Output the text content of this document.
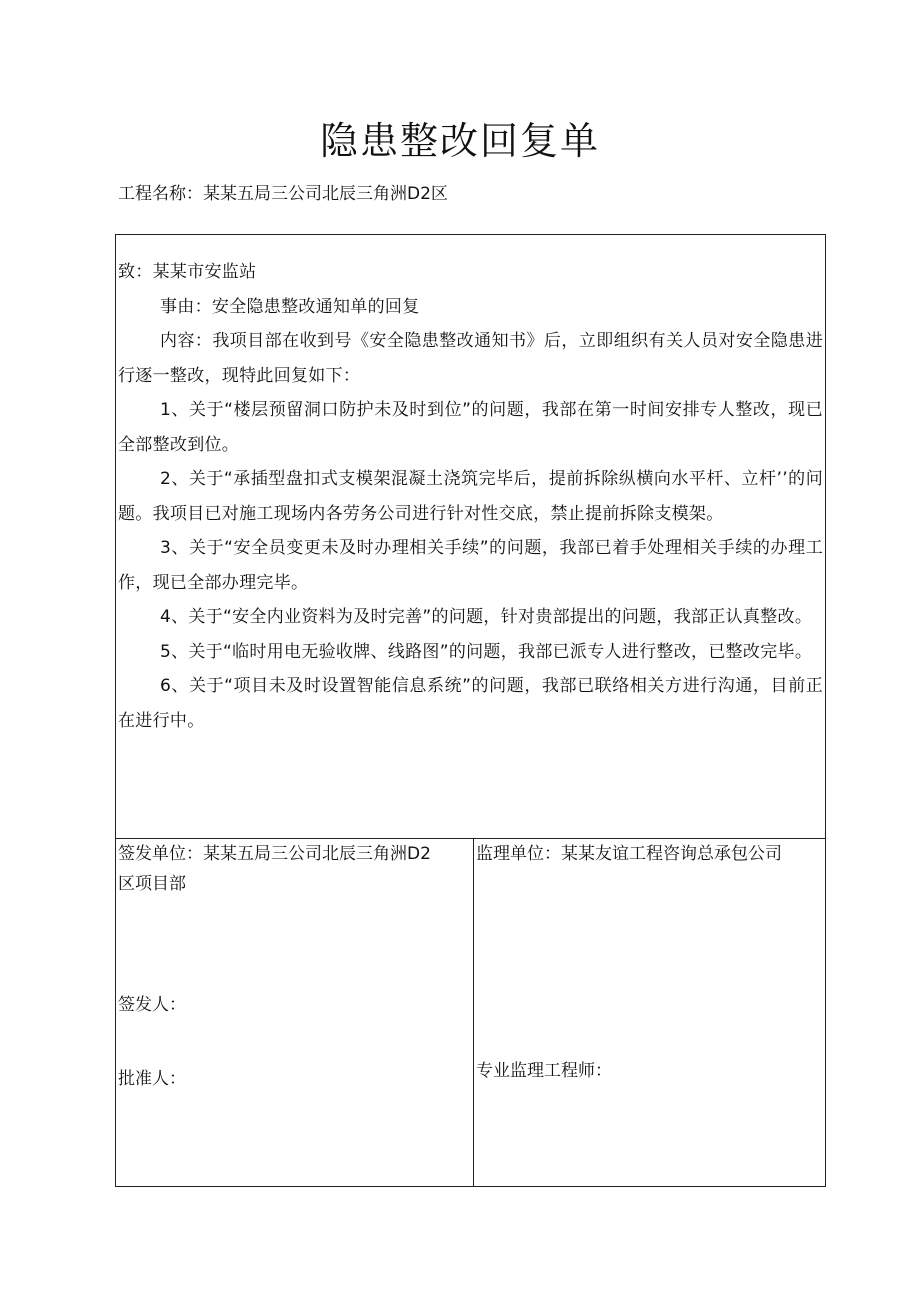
隐患整改回复单
工程名称：某某五局三公司北辰三角洲D2区

致：某某市安监站

事由：安全隐患整改通知单的回复

内容：我项目部在收到号《安全隐患整改通知书》后，立即组织有关人员对安全隐患进行逐一整改，现特此回复如下：

1、关于“楼层预留洞口防护未及时到位”的问题，我部在第一时间安排专人整改，现已全部整改到位。

2、关于“承插型盘扣式支模架混凝土浇筑完毕后，提前拆除纵横向水平杆、立杆’’的问题。我项目已对施工现场内各劳务公司进行针对性交底，禁止提前拆除支模架。

3、关于“安全员变更未及时办理相关手续”的问题，我部已着手处理相关手续的办理工作，现已全部办理完毕。

4、关于“安全内业资料为及时完善”的问题，针对贵部提出的问题，我部正认真整改。

5、关于“临时用电无验收牌、线路图”的问题，我部已派专人进行整改，已整改完毕。

6、关于“项目未及时设置智能信息系统”的问题，我部已联络相关方进行沟通，目前正在进行中。

签发单位：某某五局三公司北辰三角洲D2区项目部

签发人：

批准人：

监理单位：某某友谊工程咨询总承包公司

专业监理工程师：
